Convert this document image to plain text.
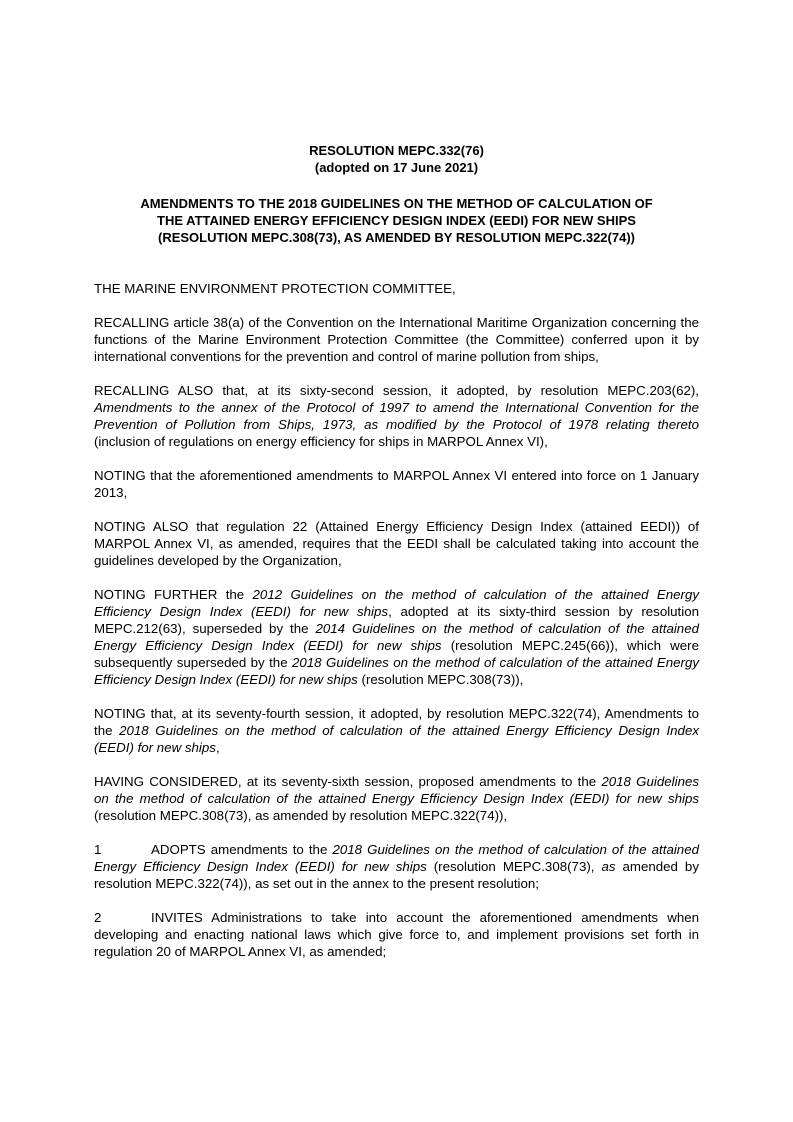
RESOLUTION MEPC.332(76)

(adopted on 17 June 2021)

AMENDMENTS TO THE 2018 GUIDELINES ON THE METHOD OF CALCULATION OF
THE ATTAINED ENERGY EFFICIENCY DESIGN INDEX (EEDI) FOR NEW SHIPS
(RESOLUTION MEPC.308(73), AS AMENDED BY RESOLUTION MEPC.322(74))

THE MARINE ENVIRONMENT PROTECTION COMMITTEE,

RECALLING article 38(a) of the Convention on the International Maritime Organization concerning the functions of the Marine Environment Protection Committee (the Committee) conferred upon it by international conventions for the prevention and control of marine pollution from ships,

RECALLING ALSO that, at its sixty-second session, it adopted, by resolution MEPC.203(62), Amendments to the annex of the Protocol of 1997 to amend the International Convention for the Prevention of Pollution from Ships, 1973, as modified by the Protocol of 1978 relating thereto (inclusion of regulations on energy efficiency for ships in MARPOL Annex VI),

NOTING that the aforementioned amendments to MARPOL Annex VI entered into force on 1 January 2013,

NOTING ALSO that regulation 22 (Attained Energy Efficiency Design Index (attained EEDI)) of MARPOL Annex VI, as amended, requires that the EEDI shall be calculated taking into account the guidelines developed by the Organization,

NOTING FURTHER the 2012 Guidelines on the method of calculation of the attained Energy Efficiency Design Index (EEDI) for new ships, adopted at its sixty-third session by resolution MEPC.212(63), superseded by the 2014 Guidelines on the method of calculation of the attained Energy Efficiency Design Index (EEDI) for new ships (resolution MEPC.245(66)), which were subsequently superseded by the 2018 Guidelines on the method of calculation of the attained Energy Efficiency Design Index (EEDI) for new ships (resolution MEPC.308(73)),

NOTING that, at its seventy-fourth session, it adopted, by resolution MEPC.322(74), Amendments to the 2018 Guidelines on the method of calculation of the attained Energy Efficiency Design Index (EEDI) for new ships,

HAVING CONSIDERED, at its seventy-sixth session, proposed amendments to the 2018 Guidelines on the method of calculation of the attained Energy Efficiency Design Index (EEDI) for new ships (resolution MEPC.308(73), as amended by resolution MEPC.322(74)),

1	ADOPTS amendments to the 2018 Guidelines on the method of calculation of the attained Energy Efficiency Design Index (EEDI) for new ships (resolution MEPC.308(73), as amended by resolution MEPC.322(74)), as set out in the annex to the present resolution;

2	INVITES Administrations to take into account the aforementioned amendments when developing and enacting national laws which give force to, and implement provisions set forth in regulation 20 of MARPOL Annex VI, as amended;
